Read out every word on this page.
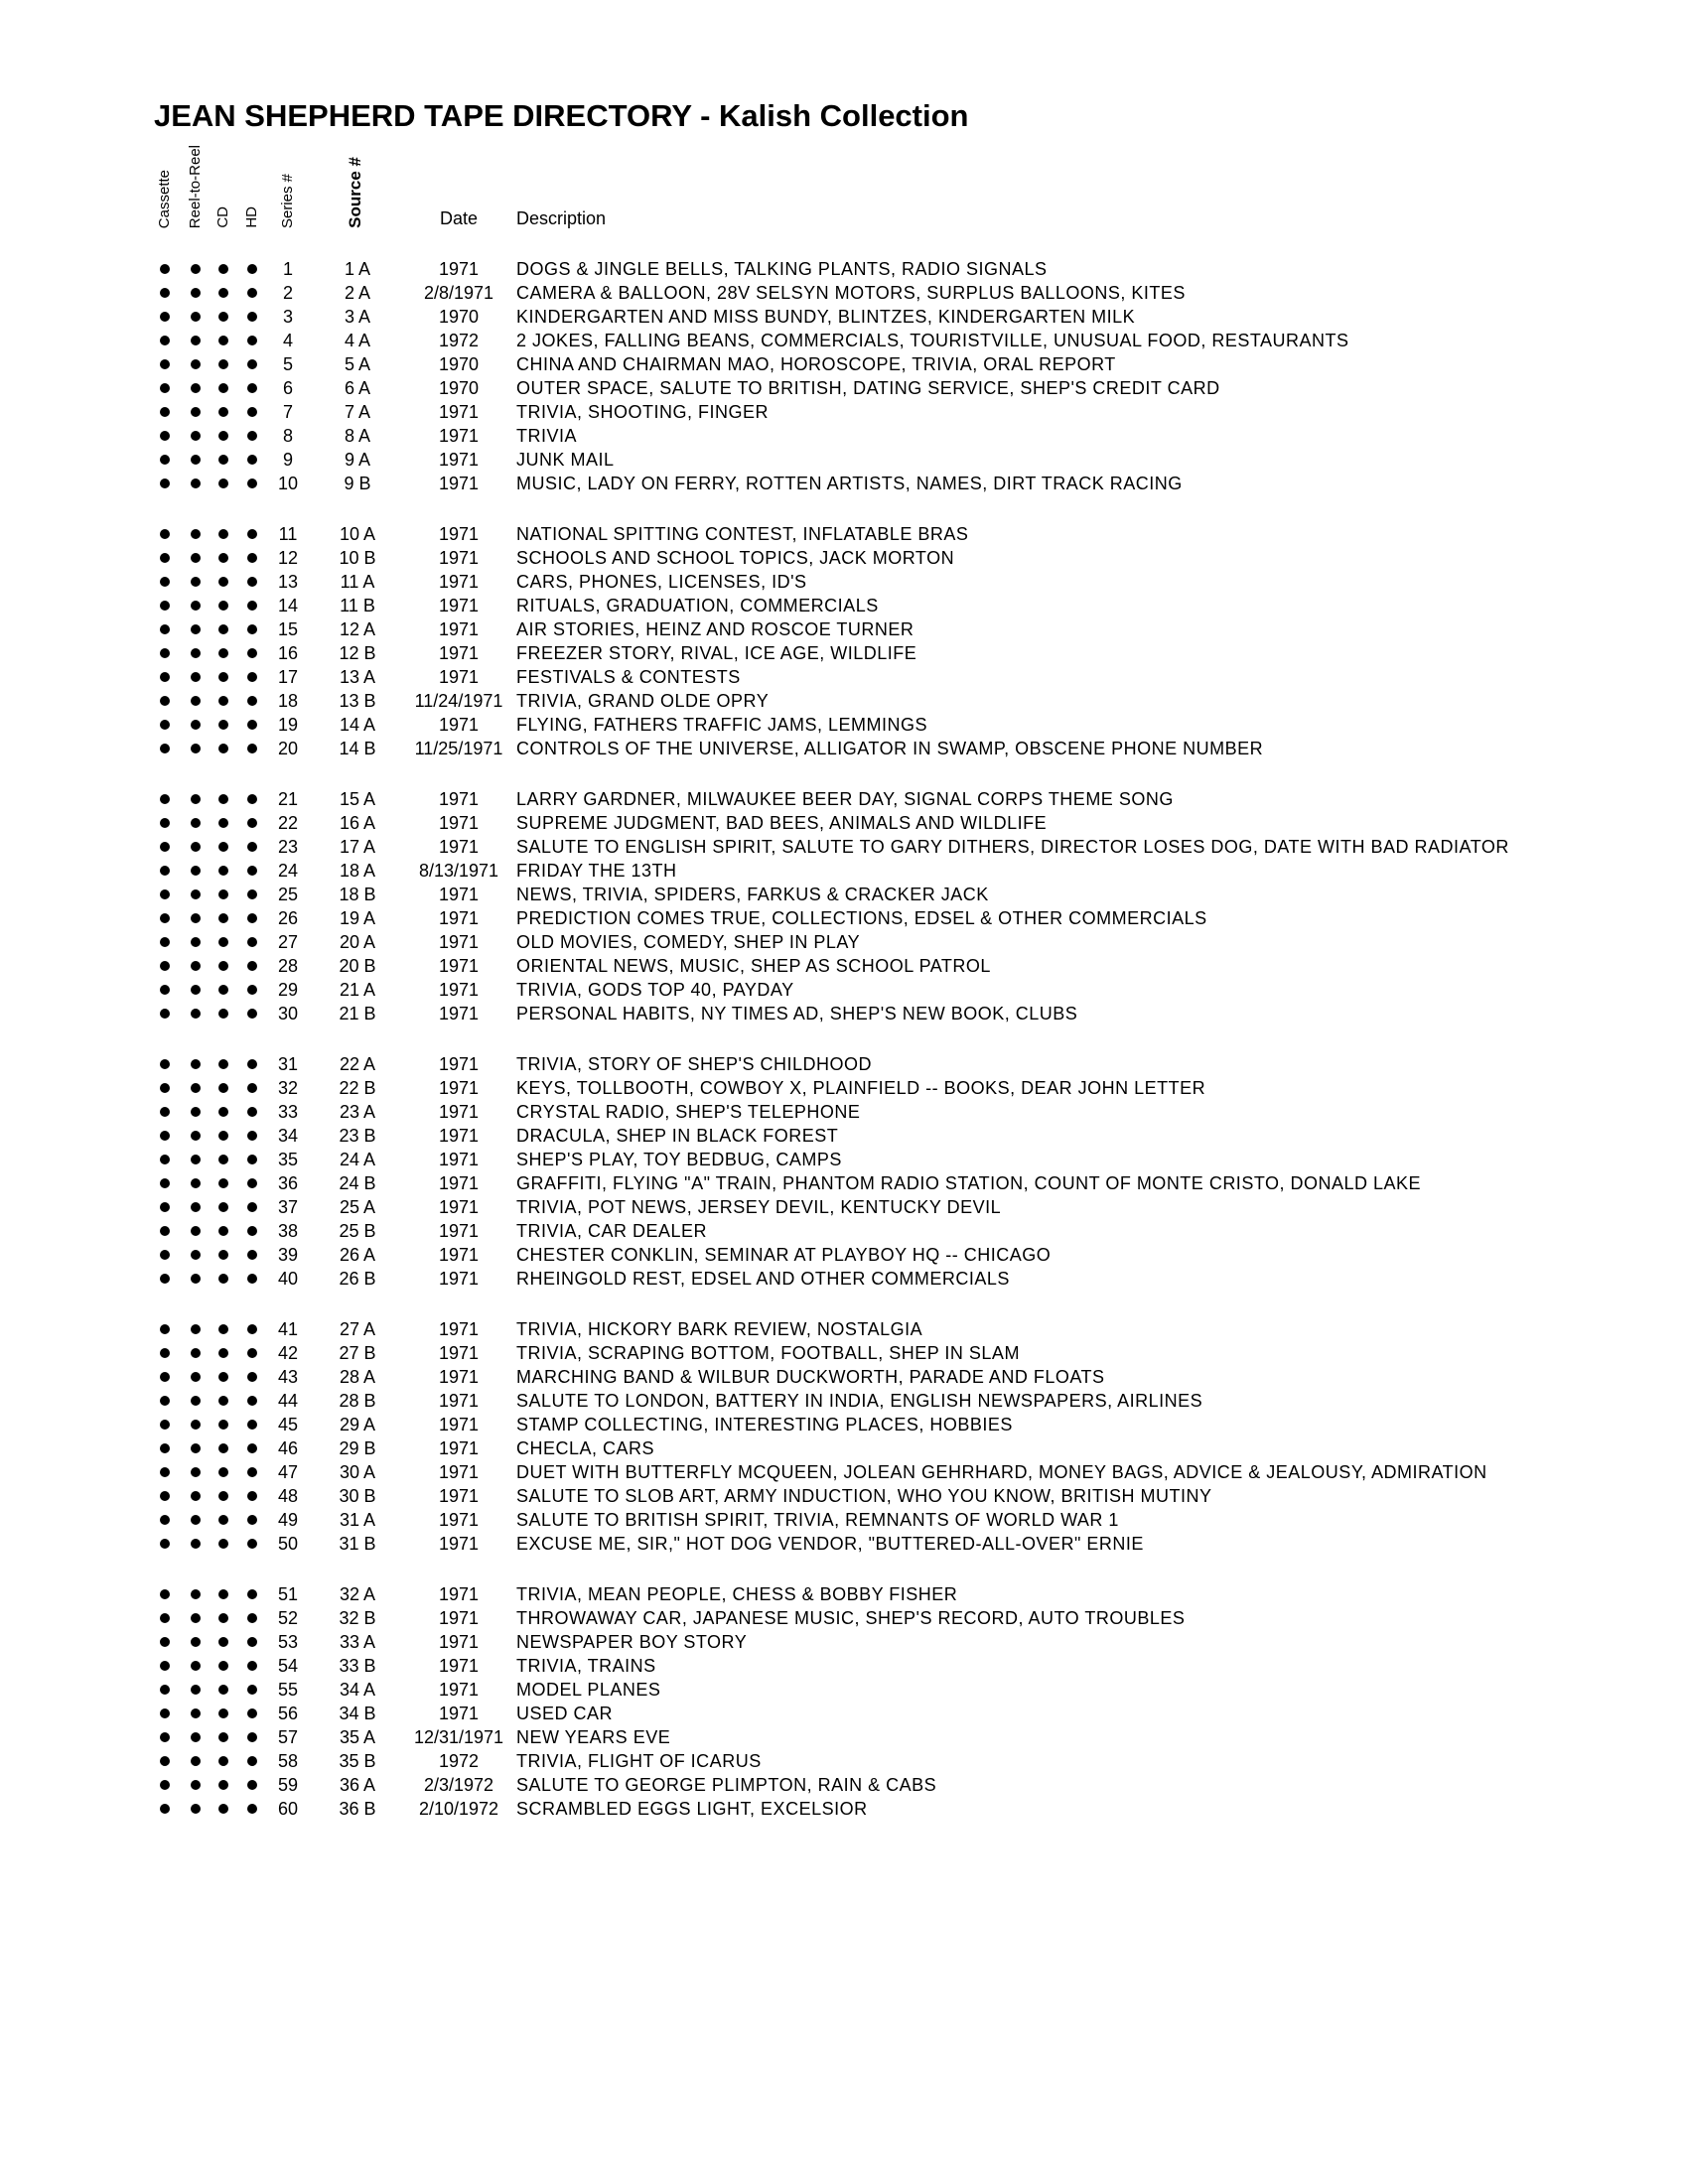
JEAN SHEPHERD TAPE DIRECTORY - Kalish Collection
Cassette Reel-to-Reel CD HD Series #	Source #	Date	Description
1	1 A	1971	DOGS & JINGLE BELLS, TALKING PLANTS, RADIO SIGNALS
2	2 A	2/8/1971	CAMERA & BALLOON, 28V SELSYN MOTORS, SURPLUS BALLOONS, KITES
3	3 A	1970	KINDERGARTEN AND MISS BUNDY, BLINTZES, KINDERGARTEN MILK
4	4 A	1972	2 JOKES, FALLING BEANS, COMMERCIALS, TOURISTVILLE, UNUSUAL FOOD, RESTAURANTS
5	5 A	1970	CHINA AND CHAIRMAN MAO, HOROSCOPE, TRIVIA, ORAL REPORT
6	6 A	1970	OUTER SPACE, SALUTE TO BRITISH, DATING SERVICE, SHEP'S CREDIT CARD
7	7 A	1971	TRIVIA, SHOOTING, FINGER
8	8 A	1971	TRIVIA
9	9 A	1971	JUNK MAIL
10	9 B	1971	MUSIC, LADY ON FERRY, ROTTEN ARTISTS, NAMES, DIRT TRACK RACING
11	10 A	1971	NATIONAL SPITTING CONTEST, INFLATABLE BRAS
12	10 B	1971	SCHOOLS AND SCHOOL TOPICS, JACK MORTON
13	11 A	1971	CARS, PHONES, LICENSES, ID'S
14	11 B	1971	RITUALS, GRADUATION, COMMERCIALS
15	12 A	1971	AIR STORIES, HEINZ AND ROSCOE TURNER
16	12 B	1971	FREEZER STORY, RIVAL, ICE AGE, WILDLIFE
17	13 A	1971	FESTIVALS & CONTESTS
18	13 B	11/24/1971 TRIVIA, GRAND OLDE OPRY
19	14 A	1971	FLYING, FATHERS TRAFFIC JAMS, LEMMINGS
20	14 B	11/25/1971 CONTROLS OF THE UNIVERSE, ALLIGATOR IN SWAMP, OBSCENE PHONE NUMBER
21	15 A	1971	LARRY GARDNER, MILWAUKEE BEER DAY, SIGNAL CORPS THEME SONG
22	16 A	1971	SUPREME JUDGMENT, BAD BEES, ANIMALS AND WILDLIFE
23	17 A	1971	SALUTE TO ENGLISH SPIRIT, SALUTE TO GARY DITHERS, DIRECTOR LOSES DOG, DATE WITH BAD RADIATOR
24	18 A	8/13/1971 FRIDAY THE 13TH
25	18 B	1971	NEWS, TRIVIA, SPIDERS, FARKUS & CRACKER JACK
26	19 A	1971	PREDICTION COMES TRUE, COLLECTIONS, EDSEL & OTHER COMMERCIALS
27	20 A	1971	OLD MOVIES, COMEDY, SHEP IN PLAY
28	20 B	1971	ORIENTAL NEWS, MUSIC, SHEP AS SCHOOL PATROL
29	21 A	1971	TRIVIA, GODS TOP 40, PAYDAY
30	21 B	1971	PERSONAL HABITS, NY TIMES AD, SHEP'S NEW BOOK, CLUBS
31	22 A	1971	TRIVIA, STORY OF SHEP'S CHILDHOOD
32	22 B	1971	KEYS, TOLLBOOTH, COWBOY X, PLAINFIELD -- BOOKS, DEAR JOHN LETTER
33	23 A	1971	CRYSTAL RADIO, SHEP'S TELEPHONE
34	23 B	1971	DRACULA, SHEP IN BLACK FOREST
35	24 A	1971	SHEP'S PLAY, TOY BEDBUG, CAMPS
36	24 B	1971	GRAFFITI, FLYING "A" TRAIN, PHANTOM RADIO STATION, COUNT OF MONTE CRISTO, DONALD LAKE
37	25 A	1971	TRIVIA, POT NEWS, JERSEY DEVIL, KENTUCKY DEVIL
38	25 B	1971	TRIVIA, CAR DEALER
39	26 A	1971	CHESTER CONKLIN, SEMINAR AT PLAYBOY HQ -- CHICAGO
40	26 B	1971	RHEINGOLD REST, EDSEL AND OTHER COMMERCIALS
41	27 A	1971	TRIVIA, HICKORY BARK REVIEW, NOSTALGIA
42	27 B	1971	TRIVIA, SCRAPING BOTTOM, FOOTBALL, SHEP IN SLAM
43	28 A	1971	MARCHING BAND & WILBUR DUCKWORTH, PARADE AND FLOATS
44	28 B	1971	SALUTE TO LONDON, BATTERY IN INDIA, ENGLISH NEWSPAPERS, AIRLINES
45	29 A	1971	STAMP COLLECTING, INTERESTING PLACES, HOBBIES
46	29 B	1971	CHECLA, CARS
47	30 A	1971	DUET WITH BUTTERFLY MCQUEEN, JOLEAN GEHRHARD, MONEY BAGS, ADVICE & JEALOUSY, ADMIRATION
48	30 B	1971	SALUTE TO SLOB ART, ARMY INDUCTION, WHO YOU KNOW, BRITISH MUTINY
49	31 A	1971	SALUTE TO BRITISH SPIRIT, TRIVIA, REMNANTS OF WORLD WAR 1
50	31 B	1971	EXCUSE ME, SIR," HOT DOG VENDOR, "BUTTERED-ALL-OVER" ERNIE
51	32 A	1971	TRIVIA, MEAN PEOPLE, CHESS & BOBBY FISHER
52	32 B	1971	THROWAWAY CAR, JAPANESE MUSIC, SHEP'S RECORD, AUTO TROUBLES
53	33 A	1971	NEWSPAPER BOY STORY
54	33 B	1971	TRIVIA, TRAINS
55	34 A	1971	MODEL PLANES
56	34 B	1971	USED CAR
57	35 A	12/31/1971 NEW YEARS EVE
58	35 B	1972	TRIVIA, FLIGHT OF ICARUS
59	36 A	2/3/1972	SALUTE TO GEORGE PLIMPTON, RAIN & CABS
60	36 B	2/10/1972 SCRAMBLED EGGS LIGHT, EXCELSIOR
